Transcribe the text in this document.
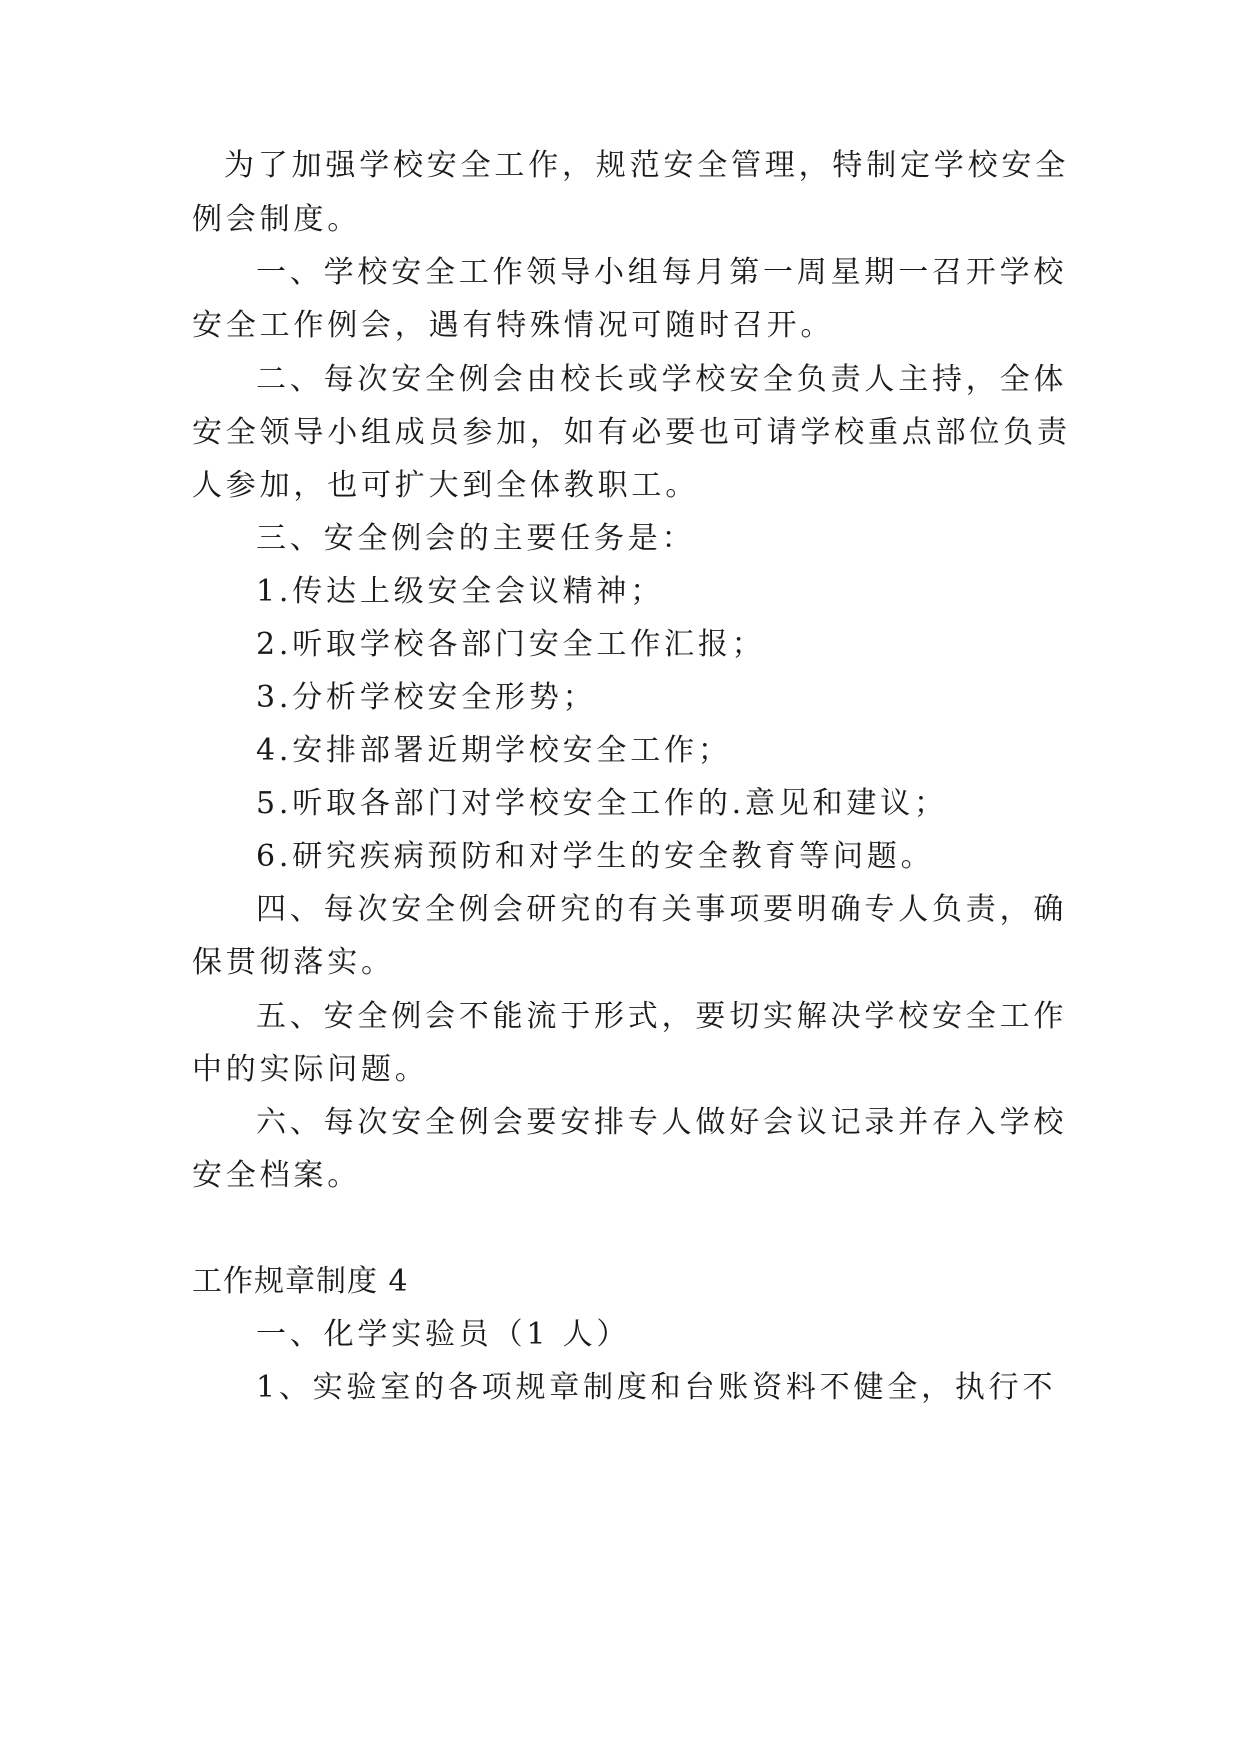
为了加强学校安全工作，规范安全管理，特制定学校安全
例会制度。
一、学校安全工作领导小组每月第一周星期一召开学校
安全工作例会，遇有特殊情况可随时召开。
二、每次安全例会由校长或学校安全负责人主持，全体
安全领导小组成员参加，如有必要也可请学校重点部位负责
人参加，也可扩大到全体教职工。
三、安全例会的主要任务是：
1.传达上级安全会议精神；
2.听取学校各部门安全工作汇报；
3.分析学校安全形势；
4.安排部署近期学校安全工作；
5.听取各部门对学校安全工作的.意见和建议；
6.研究疾病预防和对学生的安全教育等问题。
四、每次安全例会研究的有关事项要明确专人负责，确
保贯彻落实。
五、安全例会不能流于形式，要切实解决学校安全工作
中的实际问题。
六、每次安全例会要安排专人做好会议记录并存入学校
安全档案。
工作规章制度 4
一、化学实验员（1 人）
1、实验室的各项规章制度和台账资料不健全，执行不
